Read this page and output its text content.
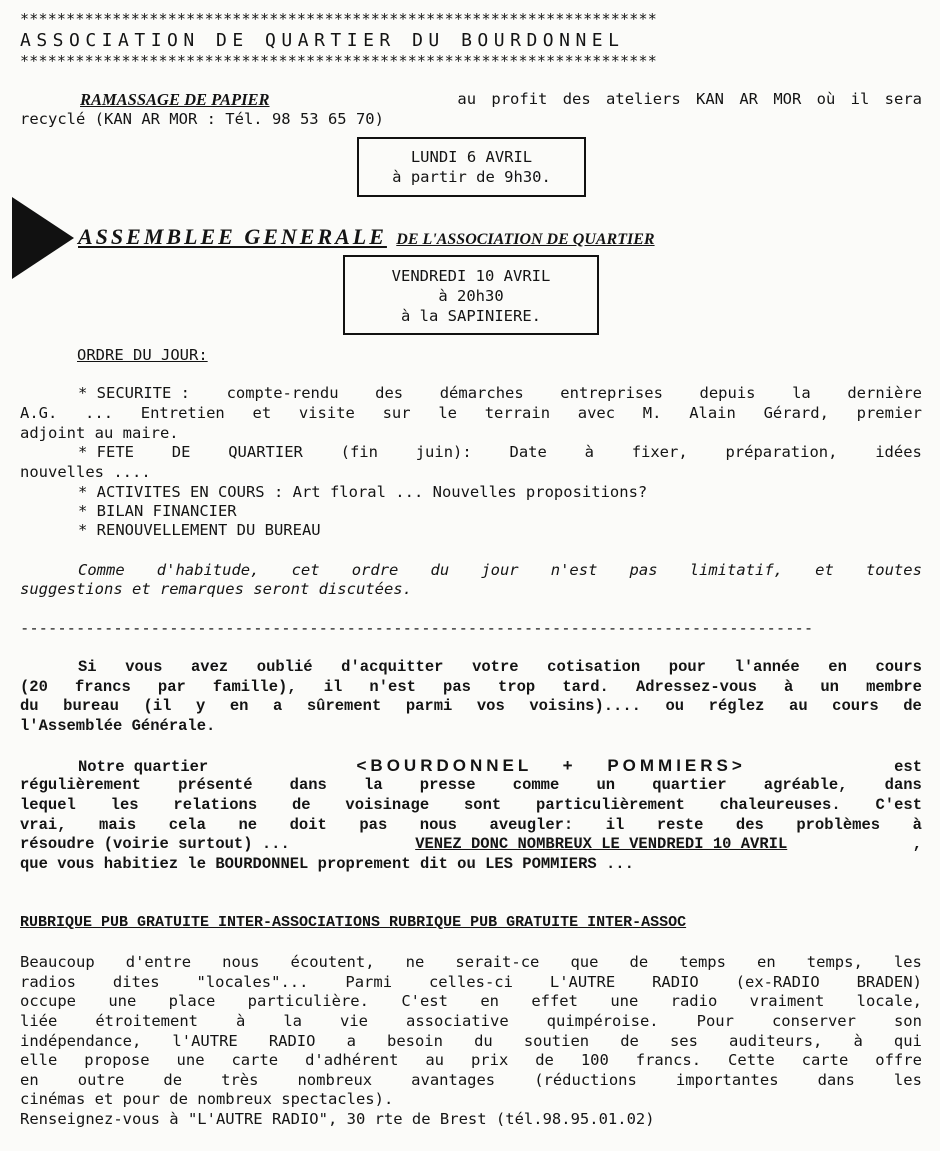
*********************************************************************
ASSOCIATION DE QUARTIER DU BOURDONNEL
*********************************************************************
RAMASSAGE DE PAPIER	au profit des ateliers KAN AR MOR où il sera
recyclé (KAN AR MOR : Tél. 98 53 65 70)
LUNDI 6 AVRIL
à partir de 9h30.
ASSEMBLEE GENERALE DE L'ASSOCIATION DE QUARTIER
VENDREDI 10 AVRIL
à 20h30
à la SAPINIERE.
ORDRE DU JOUR:
* SECURITE : compte-rendu des démarches entreprises depuis la dernière
A.G. ... Entretien et visite sur le terrain avec M. Alain Gérard, premier
adjoint au maire.
* FETE DE QUARTIER (fin juin): Date à fixer, préparation, idées
nouvelles ....
* ACTIVITES EN COURS : Art floral ... Nouvelles propositions?
* BILAN FINANCIER
* RENOUVELLEMENT DU BUREAU
Comme d'habitude, cet ordre du jour n'est pas limitatif, et toutes
suggestions et remarques seront discutées.
-------------------------------------------------------------------------------------
Si vous avez oublié d'acquitter votre cotisation pour l'année en cours
(20 francs par famille), il n'est pas trop tard. Adressez-vous à un membre
du bureau (il y en a sûrement parmi vos voisins).... ou réglez au cours de
l'Assemblée Générale.
Notre quartier	<BOURDONNEL + POMMIERS>	est
régulièrement présenté dans la presse comme un quartier agréable, dans
lequel les relations de voisinage sont particulièrement chaleureuses. C'est
vrai, mais cela ne doit pas nous aveugler: il reste des problèmes à
résoudre (voirie surtout) ...	VENEZ DONC NOMBREUX LE VENDREDI 10 AVRIL	,
que vous habitiez le BOURDONNEL proprement dit ou LES POMMIERS ...
RUBRIQUE PUB GRATUITE INTER-ASSOCIATIONS RUBRIQUE PUB GRATUITE INTER-ASSOC
Beaucoup d'entre nous écoutent, ne serait-ce que de temps en temps, les
radios dites "locales"... Parmi celles-ci L'AUTRE RADIO (ex-RADIO BRADEN)
occupe une place particulière. C'est en effet une radio vraiment locale,
liée étroitement à la vie associative quimpéroise. Pour conserver son
indépendance, l'AUTRE RADIO a besoin du soutien de ses auditeurs, à qui
elle propose une carte d'adhérent au prix de 100 francs. Cette carte offre
en	outre	de	très	nombreux	avantages	(réductions	importantes	dans	les
cinémas et pour de nombreux spectacles).
Renseignez-vous à "L'AUTRE RADIO", 30 rte de Brest (tél.98.95.01.02)
